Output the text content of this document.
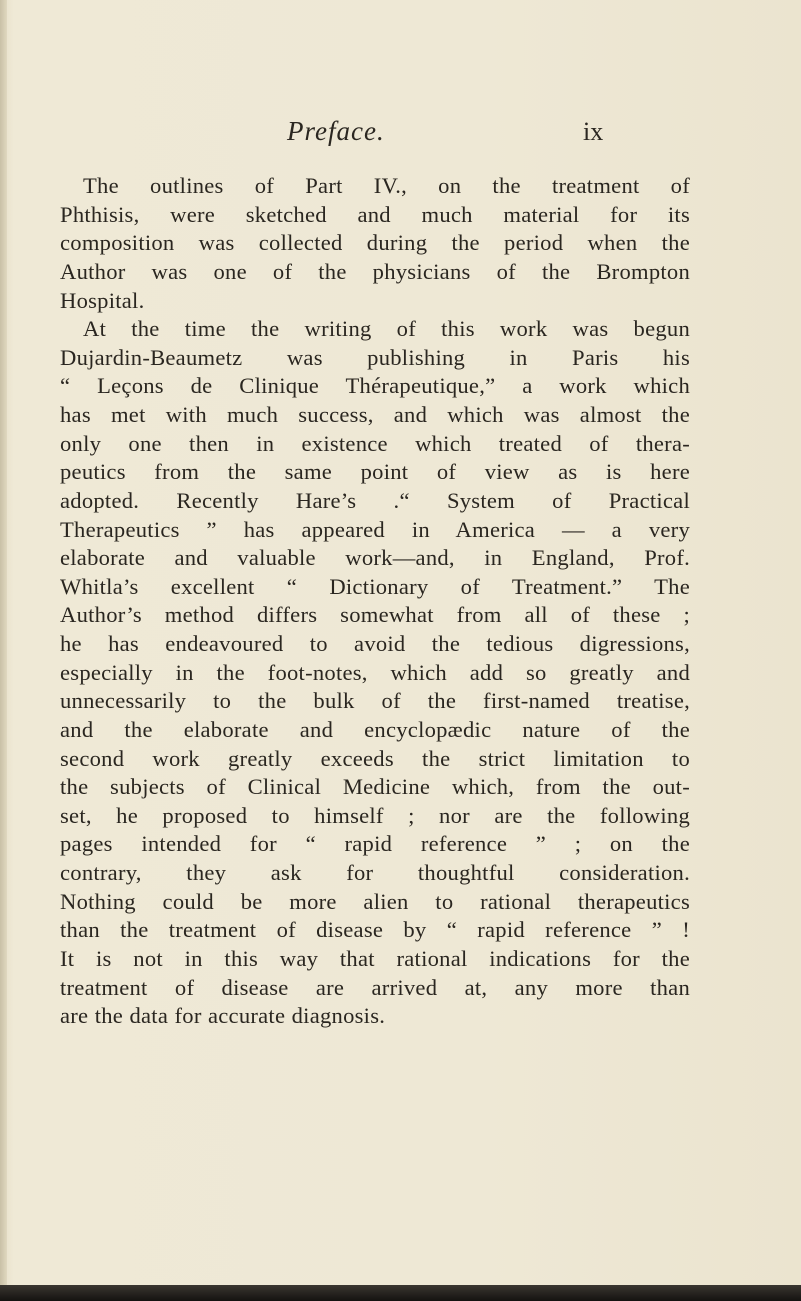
Preface.	ix
The outlines of Part IV., on the treatment of
Phthisis, were sketched and much material for its
composition was collected during the period when the
Author was one of the physicians of the Brompton
Hospital.
At the time the writing of this work was begun
Dujardin-Beaumetz was publishing in Paris his
“ Leçons de Clinique Thérapeutique,” a work which
has met with much success, and which was almost the
only one then in existence which treated of thera-
peutics from the same point of view as is here
adopted. Recently Hare’s .“ System of Practical
Therapeutics ” has appeared in America — a very
elaborate and valuable work—and, in England, Prof.
Whitla’s excellent “ Dictionary of Treatment.” The
Author’s method differs somewhat from all of these ;
he has endeavoured to avoid the tedious digressions,
especially in the foot-notes, which add so greatly and
unnecessarily to the bulk of the first-named treatise,
and the elaborate and encyclopædic nature of the
second work greatly exceeds the strict limitation to
the subjects of Clinical Medicine which, from the out-
set, he proposed to himself ; nor are the following
pages intended for “ rapid reference ” ; on the
contrary, they ask for thoughtful consideration.
Nothing could be more alien to rational therapeutics
than the treatment of disease by “ rapid reference ” !
It is not in this way that rational indications for the
treatment of disease are arrived at, any more than
are the data for accurate diagnosis.
